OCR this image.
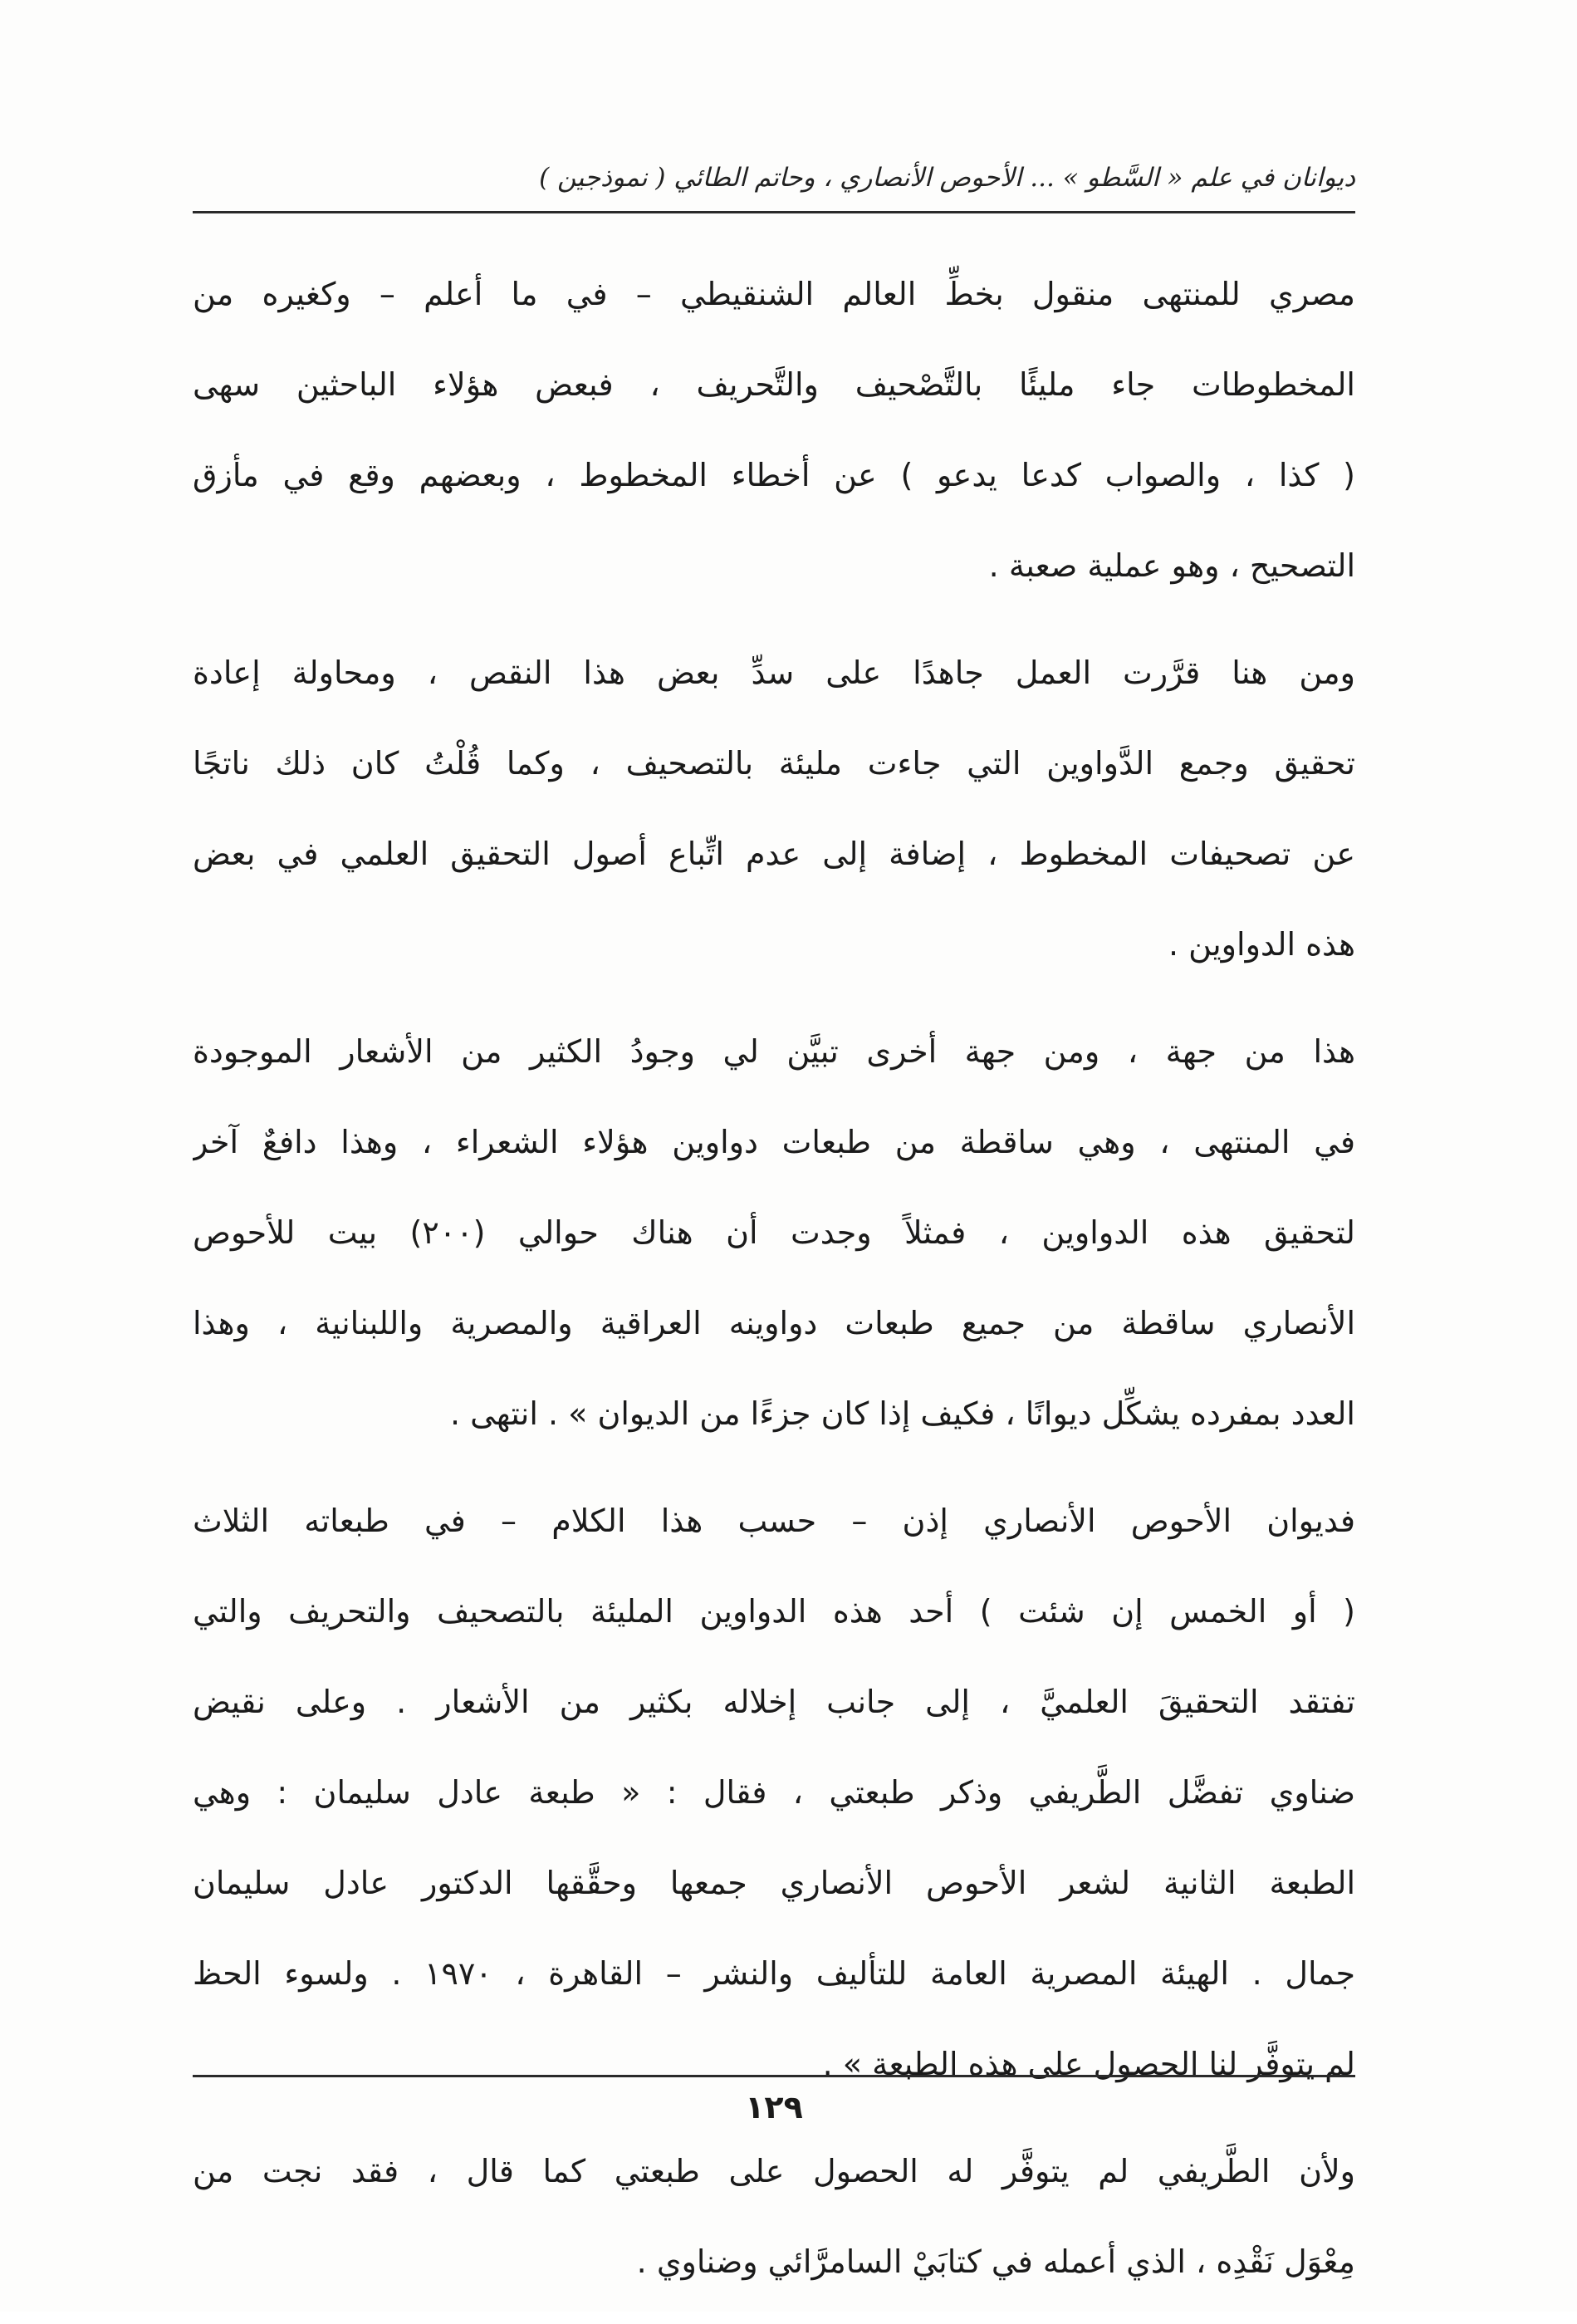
ديوانان في علم « السَّطو » ... الأحوص الأنصاري ، وحاتم الطائي ( نموذجين )
مصري للمنتهى منقول بخطِّ العالم الشنقيطي – في ما أعلم – وكغيره من
المخطوطات جاء مليئًا بالتَّصْحيف والتَّحريف ، فبعض هؤلاء الباحثين سهى
( كذا ، والصواب كدعا يدعو ) عن أخطاء المخطوط ، وبعضهم وقع في مأزق
التصحيح ، وهو عملية صعبة .
ومن هنا قرَّرت العمل جاهدًا على سدِّ بعض هذا النقص ، ومحاولة إعادة
تحقيق وجمع الدَّواوين التي جاءت مليئة بالتصحيف ، وكما قُلْتُ كان ذلك ناتجًا
عن تصحيفات المخطوط ، إضافة إلى عدم اتِّباع أصول التحقيق العلمي في بعض
هذه الدواوين .
هذا من جهة ، ومن جهة أخرى تبيَّن لي وجودُ الكثير من الأشعار الموجودة
في المنتهى ، وهي ساقطة من طبعات دواوين هؤلاء الشعراء ، وهذا دافعٌ آخر
لتحقيق هذه الدواوين ، فمثلاً وجدت أن هناك حوالي (٢٠٠) بيت للأحوص
الأنصاري ساقطة من جميع طبعات دواوينه العراقية والمصرية واللبنانية ، وهذا
العدد بمفرده يشكِّل ديوانًا ، فكيف إذا كان جزءًا من الديوان » . انتهى .
فديوان الأحوص الأنصاري إذن – حسب هذا الكلام – في طبعاته الثلاث
( أو الخمس إن شئت ) أحد هذه الدواوين المليئة بالتصحيف والتحريف والتي
تفتقد التحقيقَ العلميَّ ، إلى جانب إخلاله بكثير من الأشعار . وعلى نقيض
ضناوي تفضَّل الطَّريفي وذكر طبعتي ، فقال : « طبعة عادل سليمان : وهي
الطبعة الثانية لشعر الأحوص الأنصاري جمعها وحقَّقها الدكتور عادل سليمان
جمال . الهيئة المصرية العامة للتأليف والنشر – القاهرة ، ١٩٧٠ . ولسوء الحظ
لم يتوفَّر لنا الحصول على هذه الطبعة » .
ولأن الطَّريفي لم يتوفَّر له الحصول على طبعتي كما قال ، فقد نجت من
مِعْوَل نَقْدِه ، الذي أعمله في كتابَيْ السامرَّائي وضناوي .
١٢٩
